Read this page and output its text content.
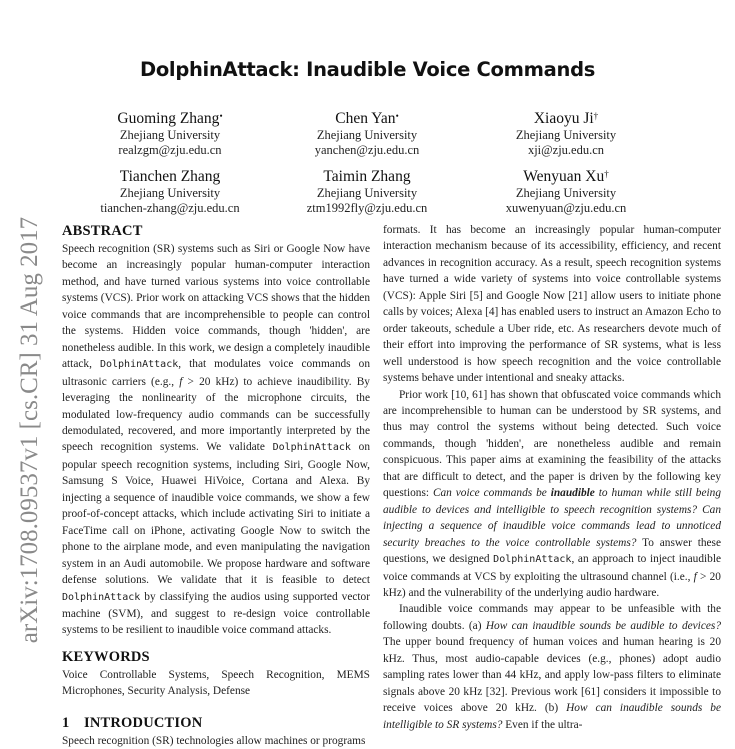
arXiv:1708.09537v1 [cs.CR] 31 Aug 2017
DolphinAttack: Inaudible Voice Commands
Guoming Zhang•
Zhejiang University
realzgm@zju.edu.cn
Chen Yan•
Zhejiang University
yanchen@zju.edu.cn
Xiaoyu Ji†
Zhejiang University
xji@zju.edu.cn
Tianchen Zhang
Zhejiang University
tianchen-zhang@zju.edu.cn
Taimin Zhang
Zhejiang University
ztm1992fly@zju.edu.cn
Wenyuan Xu†
Zhejiang University
xuwenyuan@zju.edu.cn
ABSTRACT

Speech recognition (SR) systems such as Siri or Google Now have become an increasingly popular human-computer interaction method, and have turned various systems into voice controllable systems (VCS). Prior work on attacking VCS shows that the hidden voice commands that are incomprehensible to people can control the systems. Hidden voice commands, though 'hidden', are nonetheless audible. In this work, we design a completely inaudible attack, DolphinAttack, that modulates voice commands on ultrasonic carriers (e.g., f > 20 kHz) to achieve inaudibility. By leveraging the nonlinearity of the microphone circuits, the modulated low-frequency audio commands can be successfully demodulated, recovered, and more importantly interpreted by the speech recognition systems. We validate DolphinAttack on popular speech recognition systems, including Siri, Google Now, Samsung S Voice, Huawei HiVoice, Cortana and Alexa. By injecting a sequence of inaudible voice commands, we show a few proof-of-concept attacks, which include activating Siri to initiate a FaceTime call on iPhone, activating Google Now to switch the phone to the airplane mode, and even manipulating the navigation system in an Audi automobile. We propose hardware and software defense solutions. We validate that it is feasible to detect DolphinAttack by classifying the audios using supported vector machine (SVM), and suggest to re-design voice controllable systems to be resilient to inaudible voice command attacks.

KEYWORDS

Voice Controllable Systems, Speech Recognition, MEMS Microphones, Security Analysis, Defense

1 INTRODUCTION

Speech recognition (SR) technologies allow machines or programs

formats. It has become an increasingly popular human-computer interaction mechanism because of its accessibility, efficiency, and recent advances in recognition accuracy. As a result, speech recognition systems have turned a wide variety of systems into voice controllable systems (VCS): Apple Siri [5] and Google Now [21] allow users to initiate phone calls by voices; Alexa [4] has enabled users to instruct an Amazon Echo to order takeouts, schedule a Uber ride, etc. As researchers devote much of their effort into improving the performance of SR systems, what is less well understood is how speech recognition and the voice controllable systems behave under intentional and sneaky attacks.

Prior work [10, 61] has shown that obfuscated voice commands which are incomprehensible to human can be understood by SR systems, and thus may control the systems without being detected. Such voice commands, though 'hidden', are nonetheless audible and remain conspicuous. This paper aims at examining the feasibility of the attacks that are difficult to detect, and the paper is driven by the following key questions: Can voice commands be inaudible to human while still being audible to devices and intelligible to speech recognition systems? Can injecting a sequence of inaudible voice commands lead to unnoticed security breaches to the voice controllable systems? To answer these questions, we designed DolphinAttack, an approach to inject inaudible voice commands at VCS by exploiting the ultrasound channel (i.e., f > 20 kHz) and the vulnerability of the underlying audio hardware.

Inaudible voice commands may appear to be unfeasible with the following doubts. (a) How can inaudible sounds be audible to devices? The upper bound frequency of human voices and human hearing is 20 kHz. Thus, most audio-capable devices (e.g., phones) adopt audio sampling rates lower than 44 kHz, and apply low-pass filters to eliminate signals above 20 kHz [32]. Previous work [61] considers it impossible to receive voices above 20 kHz. (b) How can inaudible sounds be intelligible to SR systems? Even if the ultra-
